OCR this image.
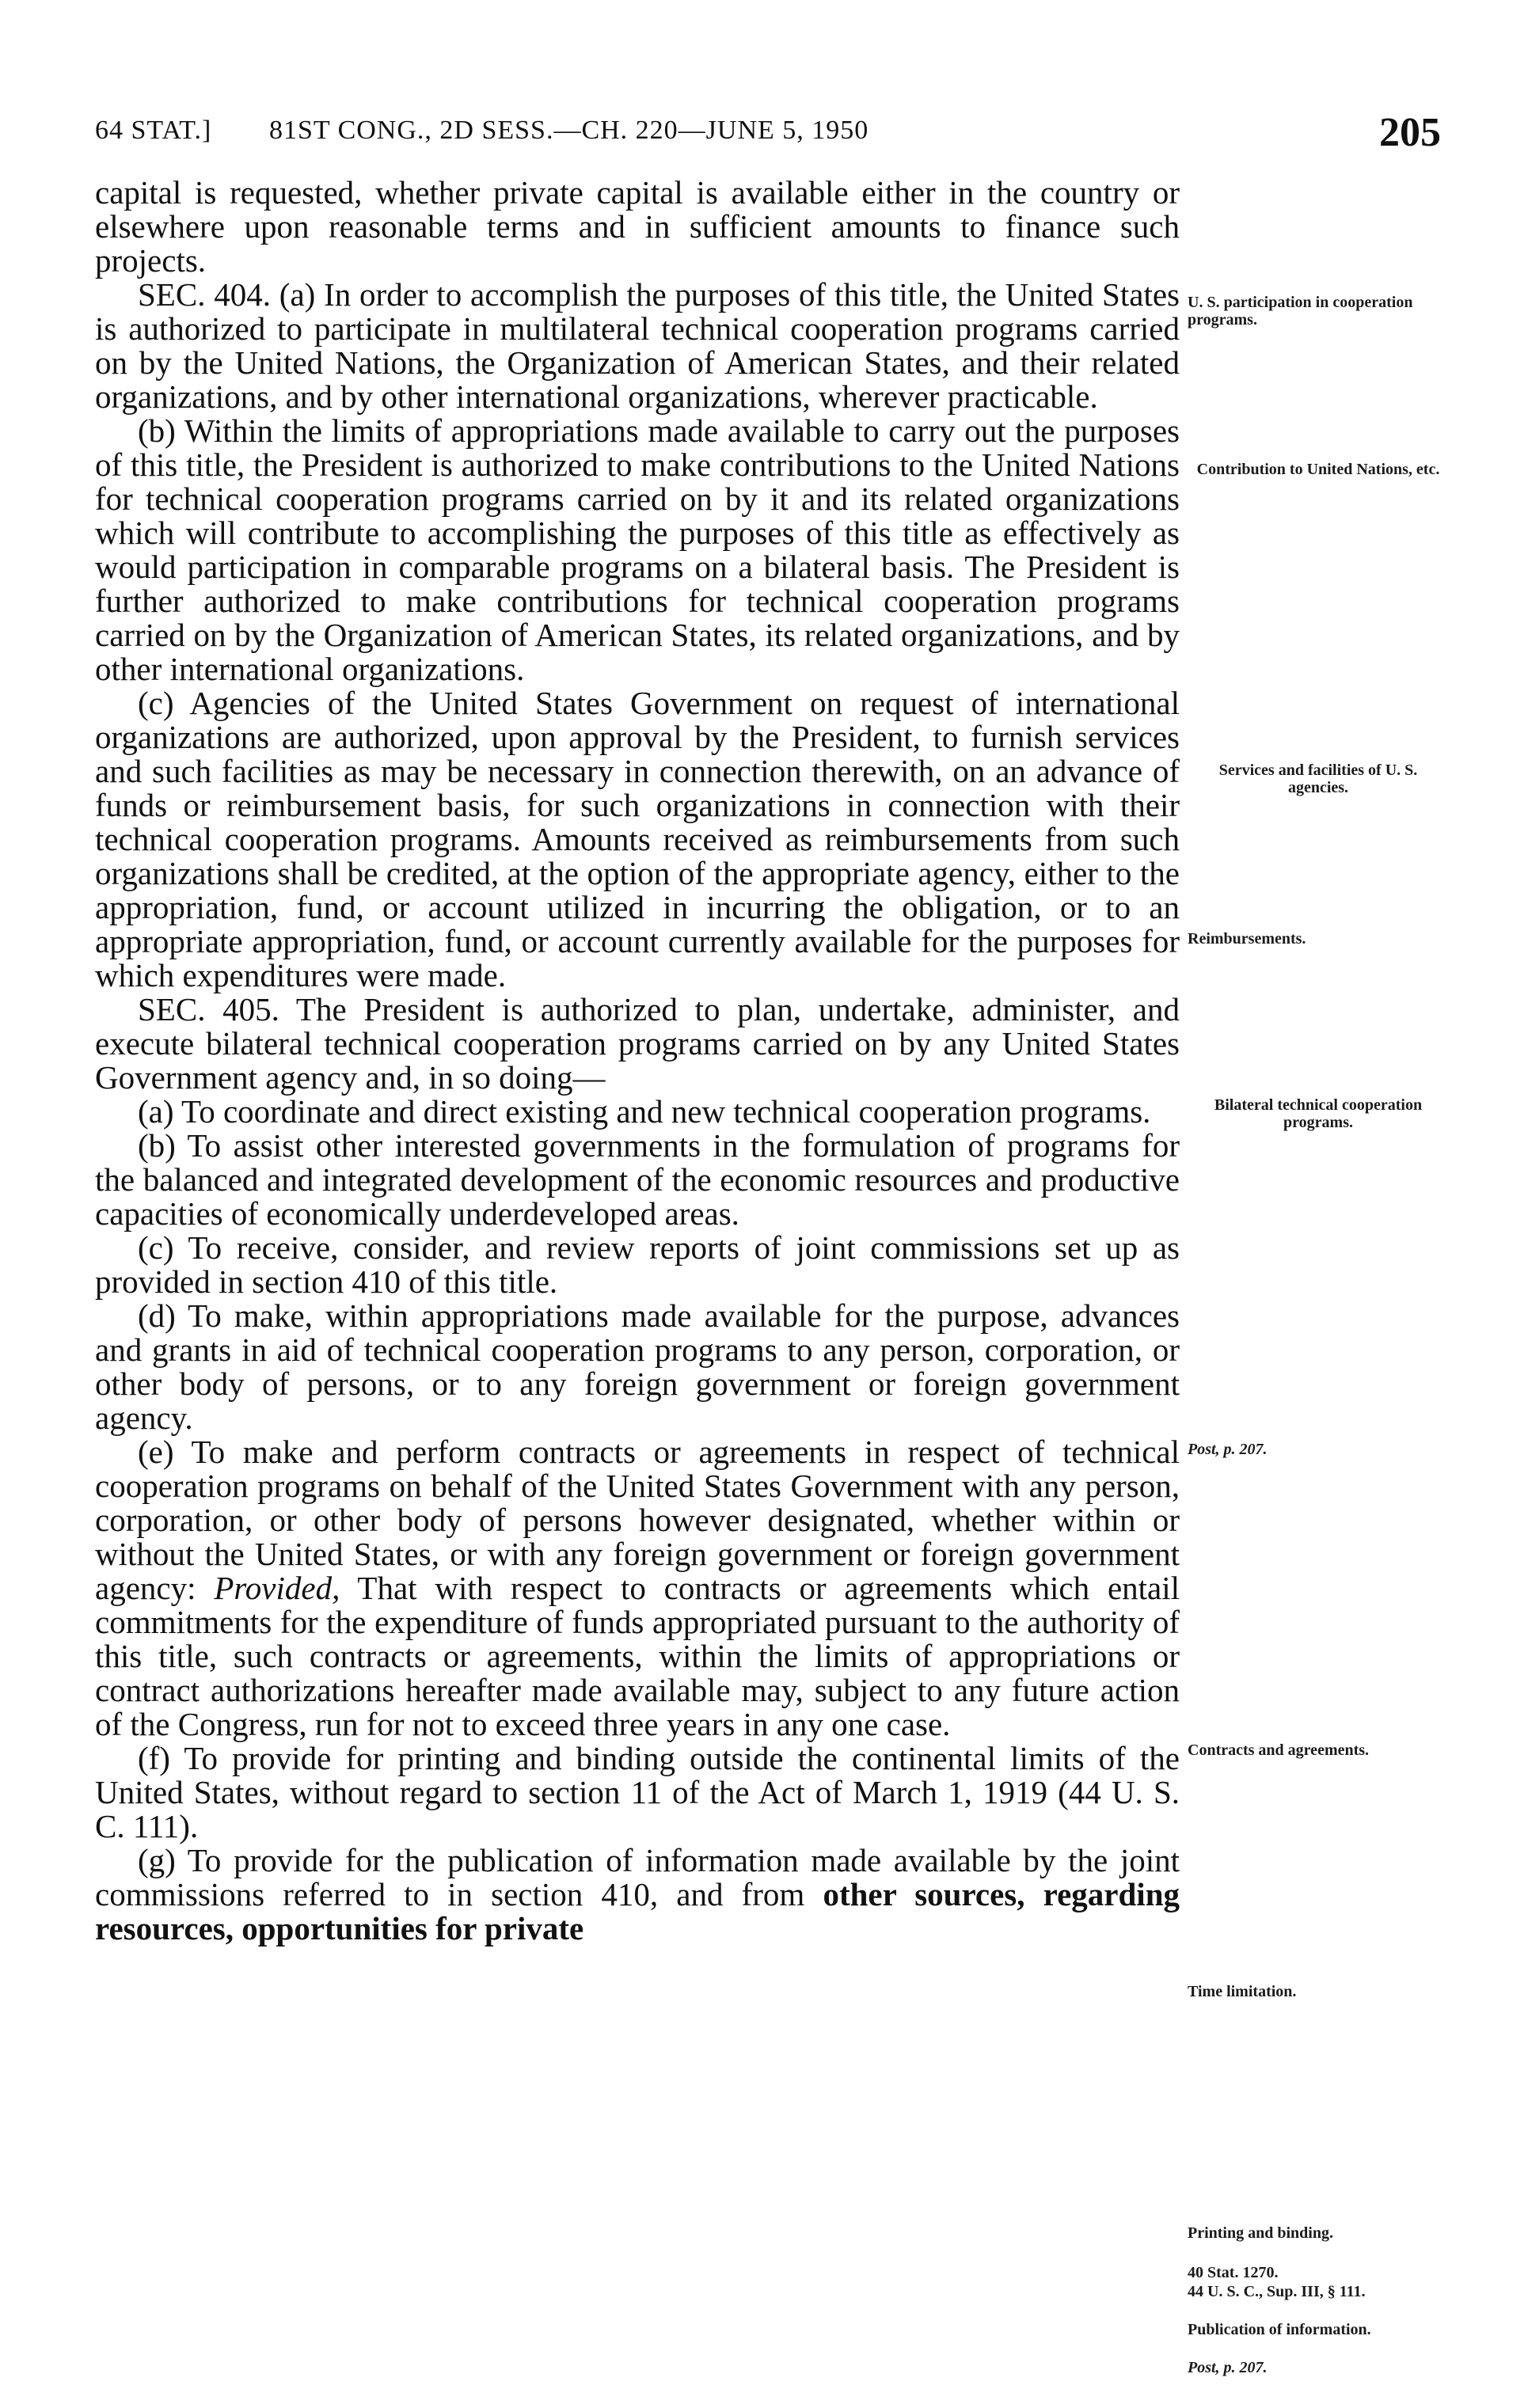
64 STAT.] 81ST CONG., 2D SESS.—CH. 220—JUNE 5, 1950	205

capital is requested, whether private capital is available either in the country or elsewhere upon reasonable terms and in sufficient amounts to finance such projects.

SEC. 404. (a) In order to accomplish the purposes of this title, the United States is authorized to participate in multilateral technical cooperation programs carried on by the United Nations, the Organization of American States, and their related organizations, and by other international organizations, wherever practicable.

(b) Within the limits of appropriations made available to carry out the purposes of this title, the President is authorized to make contributions to the United Nations for technical cooperation programs carried on by it and its related organizations which will contribute to accomplishing the purposes of this title as effectively as would participation in comparable programs on a bilateral basis. The President is further authorized to make contributions for technical cooperation programs carried on by the Organization of American States, its related organizations, and by other international organizations.

(c) Agencies of the United States Government on request of international organizations are authorized, upon approval by the President, to furnish services and such facilities as may be necessary in connection therewith, on an advance of funds or reimbursement basis, for such organizations in connection with their technical cooperation programs. Amounts received as reimbursements from such organizations shall be credited, at the option of the appropriate agency, either to the appropriation, fund, or account utilized in incurring the obligation, or to an appropriate appropriation, fund, or account currently available for the purposes for which expenditures were made.

SEC. 405. The President is authorized to plan, undertake, administer, and execute bilateral technical cooperation programs carried on by any United States Government agency and, in so doing—

(a) To coordinate and direct existing and new technical cooperation programs.

(b) To assist other interested governments in the formulation of programs for the balanced and integrated development of the economic resources and productive capacities of economically underdeveloped areas.

(c) To receive, consider, and review reports of joint commissions set up as provided in section 410 of this title.

(d) To make, within appropriations made available for the purpose, advances and grants in aid of technical cooperation programs to any person, corporation, or other body of persons, or to any foreign government or foreign government agency.

(e) To make and perform contracts or agreements in respect of technical cooperation programs on behalf of the United States Government with any person, corporation, or other body of persons however designated, whether within or without the United States, or with any foreign government or foreign government agency: Provided, That with respect to contracts or agreements which entail commitments for the expenditure of funds appropriated pursuant to the authority of this title, such contracts or agreements, within the limits of appropriations or contract authorizations hereafter made available may, subject to any future action of the Congress, run for not to exceed three years in any one case.

(f) To provide for printing and binding outside the continental limits of the United States, without regard to section 11 of the Act of March 1, 1919 (44 U. S. C. 111).

(g) To provide for the publication of information made available by the joint commissions referred to in section 410, and from other sources, regarding resources, opportunities for private

U. S. participation in cooperation programs.
Contribution to United Nations, etc.
Services and facilities of U. S. agencies.
Reimbursements.
Bilateral technical cooperation programs.
Post, p. 207.
Contracts and agreements.
Time limitation.
Printing and binding.
40 Stat. 1270.
44 U. S. C., Sup. III, § 111.
Publication of information.
Post, p. 207.
